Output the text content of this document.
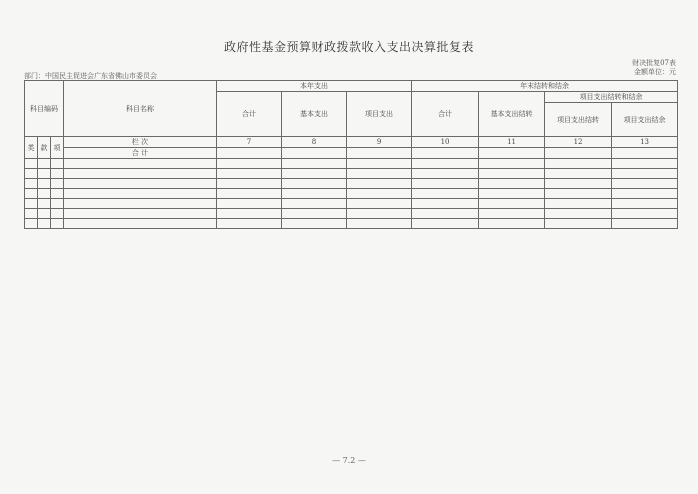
政府性基金预算财政拨款收入支出决算批复表
财决批复07表
金额单位：元
部门：中国民主促进会广东省佛山市委员会
科目编码			科目名称	本年支出			年末结转和结余			
				合计	基本支出	项目支出	合计	基本支出结转	项目支出结转和结余	
									项目支出结转	项目支出结余
类	款	项	栏 次	7	8	9	10	11	12	13
			合 计							

— 7.2 —
